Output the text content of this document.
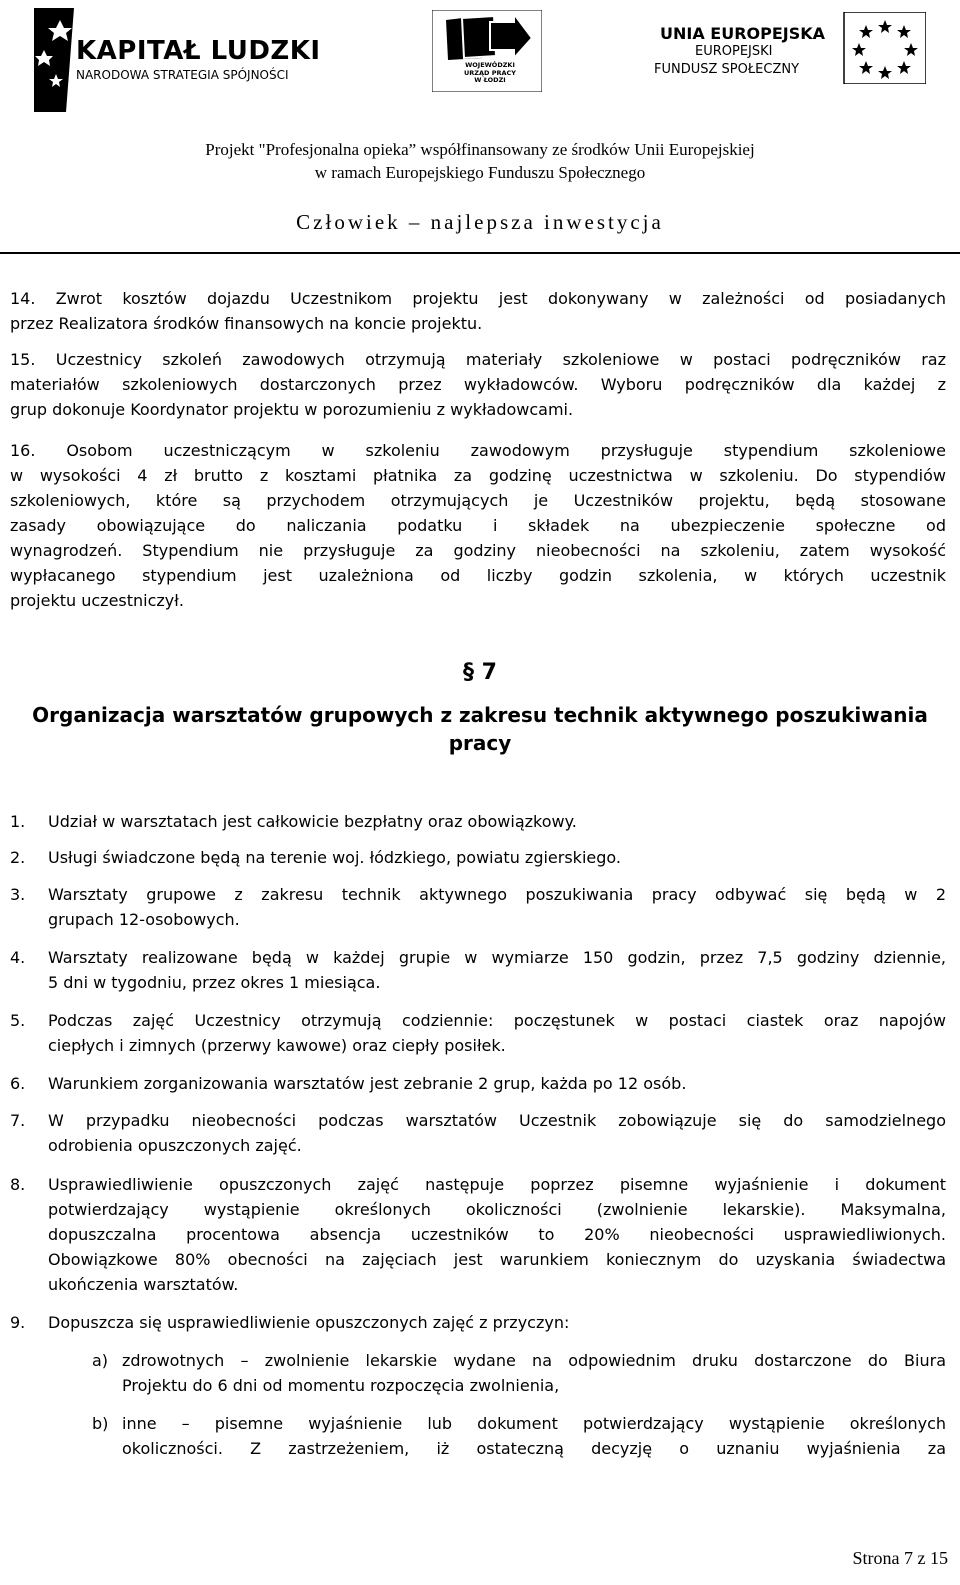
KAPITAŁ LUDZKI
NARODOWA STRATEGIA SPÓJNOŚCI
WOJEWÓDZKI
URZĄD PRACY
W ŁODZI
UNIA EUROPEJSKA
EUROPEJSKI
FUNDUSZ SPOŁECZNY
Projekt "Profesjonalna opieka” współfinansowany ze środków Unii Europejskiej
w ramach Europejskiego Funduszu Społecznego
Człowiek – najlepsza inwestycja
14. Zwrot kosztów dojazdu Uczestnikom projektu jest dokonywany w zależności od posiadanych
przez Realizatora środków finansowych na koncie projektu.
15. Uczestnicy szkoleń zawodowych otrzymują materiały szkoleniowe w postaci podręczników raz
materiałów szkoleniowych dostarczonych przez wykładowców. Wyboru podręczników dla każdej z
grup dokonuje Koordynator projektu w porozumieniu z wykładowcami.
16. Osobom uczestniczącym w szkoleniu zawodowym przysługuje stypendium szkoleniowe
w wysokości 4 zł brutto z kosztami płatnika za godzinę uczestnictwa w szkoleniu. Do stypendiów
szkoleniowych, które są przychodem otrzymujących je Uczestników projektu, będą stosowane
zasady obowiązujące do naliczania podatku i składek na ubezpieczenie społeczne od
wynagrodzeń. Stypendium nie przysługuje za godziny nieobecności na szkoleniu, zatem wysokość
wypłacanego stypendium jest uzależniona od liczby godzin szkolenia, w których uczestnik
projektu uczestniczył.
§ 7
Organizacja warsztatów grupowych z zakresu technik aktywnego poszukiwania
pracy
1. Udział w warsztatach jest całkowicie bezpłatny oraz obowiązkowy.
2. Usługi świadczone będą na terenie woj. łódzkiego, powiatu zgierskiego.
3. Warsztaty grupowe z zakresu technik aktywnego poszukiwania pracy odbywać się będą w 2
grupach 12-osobowych.
4. Warsztaty realizowane będą w każdej grupie w wymiarze 150 godzin, przez 7,5 godziny dziennie,
5 dni w tygodniu, przez okres 1 miesiąca.
5. Podczas zajęć Uczestnicy otrzymują codziennie: poczęstunek w postaci ciastek oraz napojów
ciepłych i zimnych (przerwy kawowe) oraz ciepły posiłek.
6. Warunkiem zorganizowania warsztatów jest zebranie 2 grup, każda po 12 osób.
7. W przypadku nieobecności podczas warsztatów Uczestnik zobowiązuje się do samodzielnego
odrobienia opuszczonych zajęć.
8. Usprawiedliwienie opuszczonych zajęć następuje poprzez pisemne wyjaśnienie i dokument
potwierdzający wystąpienie określonych okoliczności (zwolnienie lekarskie). Maksymalna,
dopuszczalna procentowa absencja uczestników to 20% nieobecności usprawiedliwionych.
Obowiązkowe 80% obecności na zajęciach jest warunkiem koniecznym do uzyskania świadectwa
ukończenia warsztatów.
9. Dopuszcza się usprawiedliwienie opuszczonych zajęć z przyczyn:
a) zdrowotnych – zwolnienie lekarskie wydane na odpowiednim druku dostarczone do Biura
Projektu do 6 dni od momentu rozpoczęcia zwolnienia,
b) inne – pisemne wyjaśnienie lub dokument potwierdzający wystąpienie określonych
okoliczności. Z zastrzeżeniem, iż ostateczną decyzję o uznaniu wyjaśnienia za
Strona 7 z 15
